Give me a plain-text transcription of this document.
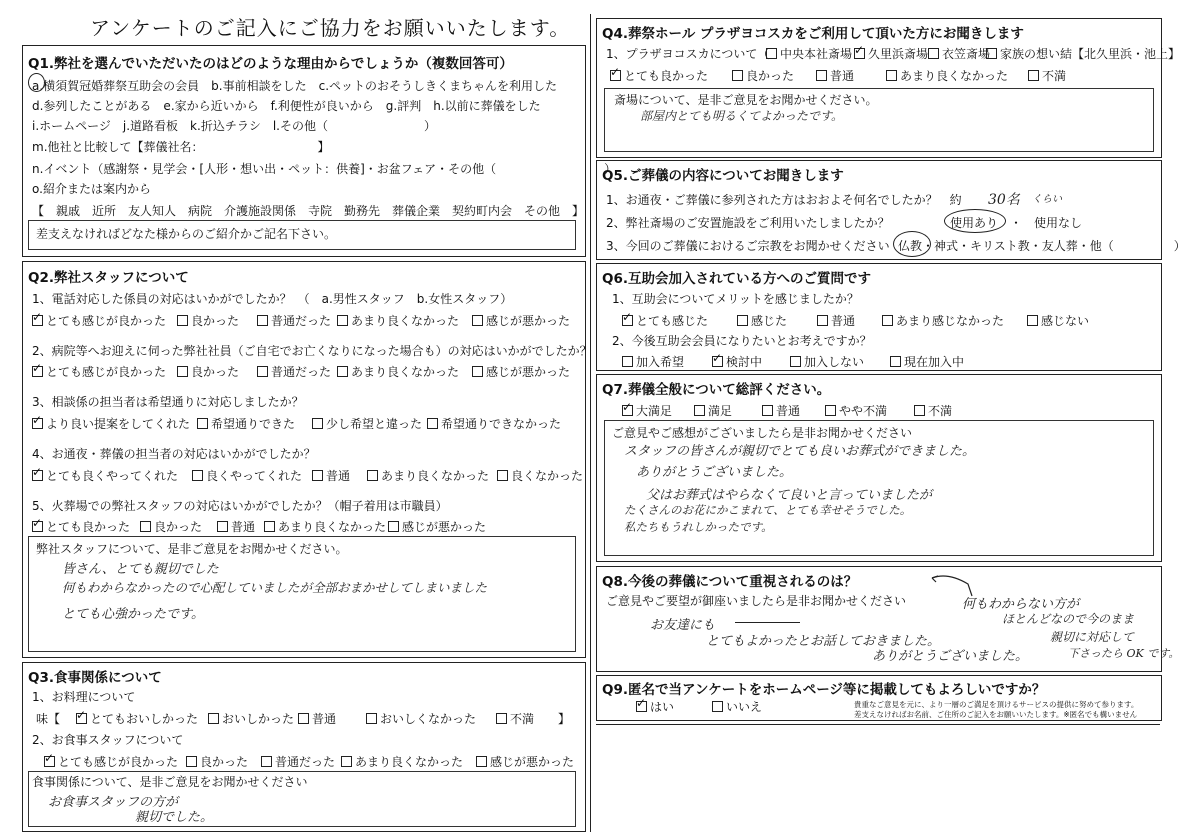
アンケートのご記入にご協力をお願いいたします。
Q1.弊社を選んでいただいたのはどのような理由からでしょうか（複数回答可）
a.横須賀冠婚葬祭互助会の会員　b.事前相談をした　c.ペットのおそうしきくまちゃんを利用した
d.参列したことがある　e.家から近いから　f.利便性が良いから　g.評判　h.以前に葬儀をした
i.ホームページ　j.道路看板　k.折込チラシ　l.その他（　　　　　　　　）
m.他社と比較して【葬儀社名：　　　　　　　　　　】
n.イベント（感謝祭・見学会・[人形・想い出・ペット：供養]・お盆フェア・その他（　　　　　　　　　）
o.紹介または案内から
【　親戚　近所　友人知人　病院　介護施設関係　寺院　勤務先　葬儀企業　契約町内会　その他　】
差支えなければどなた様からのご紹介かご記名下さい。
Q2.弊社スタッフについて
1、電話対応した係員の対応はいかがでしたか？　（　a.男性スタッフ　b.女性スタッフ）
✓とても感じが良かった	良かった	普通だった	あまり良くなかった	感じが悪かった
2、病院等へお迎えに伺った弊社社員（ご自宅でお亡くなりになった場合も）の対応はいかがでしたか？
✓とても感じが良かった	良かった	普通だった	あまり良くなかった	感じが悪かった
3、相談係の担当者は希望通りに対応しましたか？
✓より良い提案をしてくれた	希望通りできた	少し希望と違った	希望通りできなかった
4、お通夜・葬儀の担当者の対応はいかがでしたか？
✓とても良くやってくれた	良くやってくれた	普通	あまり良くなかった	良くなかった
5、火葬場での弊社スタッフの対応はいかがでしたか？（帽子着用は市職員）
✓とても良かった	良かった	普通	あまり良くなかった	感じが悪かった
弊社スタッフについて、是非ご意見をお聞かせください。
皆さん、とても親切でした
何もわからなかったので心配していましたが全部おまかせしてしまいました
とても心強かったです。
Q3.食事関係について
1、お料理について
味【 ✓	とてもおいしかった	おいしかった	普通	おいしくなかった	不満 】
2、お食事スタッフについて
✓とても感じが良かった	良かった	普通だった	あまり良くなかった	感じが悪かった
食事関係について、是非ご意見をお聞かせください
お食事スタッフの方が
親切でした。
Q4.葬祭ホール プラザヨコスカをご利用して頂いた方にお聞きします
1、プラザヨコスカについて（ 中央本社斎場 ✓	久里浜斎場	衣笠斎場 家族の想い結【北久里浜・池上】
✓とても良かった	良かった	普通	あまり良くなかった	不満
斎場について、是非ご意見をお聞かせください。
部屋内とても明るくてよかったです。
Q5.ご葬儀の内容についてお聞きします
1、お通夜・ご葬儀に参列された方はおおよそ何名でしたか？　約 30名 くらい
2、弊社斎場のご安置施設をご利用いたしましたか？	使用あり　・　使用なし
3、今回のご葬儀におけるご宗教をお聞かせください 仏教・神式・キリスト教・友人葬・他（　　　　　）
Q6.互助会加入されている方へのご質問です
1、互助会についてメリットを感じましたか？
✓とても感じた	感じた	普通	あまり感じなかった	感じない
2、今後互助会会員になりたいとお考えですか？
加入希望 ✓	検討中	加入しない	現在加入中
Q7.葬儀全般について総評ください。
✓大満足	満足	普通	やや不満	不満
ご意見やご感想がございましたら是非お聞かせください
スタッフの皆さんが親切でとても良いお葬式ができました。
ありがとうございました。
父はお葬式はやらなくて良いと言っていましたが
たくさんのお花にかこまれて、とても幸せそうでした。
私たちもうれしかったです。
Q8.今後の葬儀について重視されるのは？
ご意見やご要望が御座いましたら是非お聞かせください
お友達にも
とてもよかったとお話しておきました。
ありがとうございました。
何もわからない方が
ほとんどなので今のまま
親切に対応して
下さったら OK です。
Q9.匿名で当アンケートをホームページ等に掲載してもよろしいですか？
✓はい	いいえ	貴重なご意見を元に、より一層のご満足を頂けるサービスの提供に努めて参ります。
差支えなければお名前、ご住所のご記入をお願いいたします。※匿名でも構いません
